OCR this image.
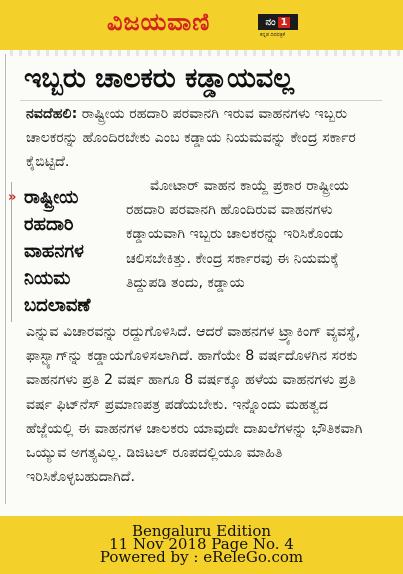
ವಿಜಯವಾಣಿ	ನಂ 1
ಕನ್ನಡ ದಿನಪತ್ರಿಕೆ
ಇಬ್ಬರು ಚಾಲಕರು ಕಡ್ಡಾಯವಲ್ಲ
ನವದೆಹಲಿ: ರಾಷ್ಟ್ರೀಯ ರಹದಾರಿ ಪರವಾನಗಿ ಇರುವ ವಾಹನಗಳು ಇಬ್ಬರು ಚಾಲಕರನ್ನು ಹೊಂದಿರಬೇಕು ಎಂಬ ಕಡ್ಡಾಯ ನಿಯಮವನ್ನು ಕೇಂದ್ರ ಸರ್ಕಾರ ಕೈಬಿಟ್ಟಿದೆ.
» ರಾಷ್ಟ್ರೀಯ ರಹದಾರಿ ವಾಹನಗಳ ನಿಯಮ ಬದಲಾವಣೆ
ಮೋಟಾರ್ ವಾಹನ ಕಾಯ್ದೆ ಪ್ರಕಾರ ರಾಷ್ಟ್ರೀಯ ರಹದಾರಿ ಪರವಾನಗಿ ಹೊಂದಿರುವ ವಾಹನಗಳು ಕಡ್ಡಾಯವಾಗಿ ಇಬ್ಬರು ಚಾಲಕರನ್ನು ಇರಿಸಿಕೊಂಡು ಚಲಿಸಬೇಕಿತ್ತು. ಕೇಂದ್ರ ಸರ್ಕಾರವು ಈ ನಿಯಮಕ್ಕೆ ತಿದ್ದುಪಡಿ ತಂದು, ಕಡ್ಡಾಯ
ಎನ್ನುವ ವಿಚಾರವನ್ನು ರದ್ದುಗೊಳಿಸಿದೆ. ಆದರೆ ವಾಹನಗಳ ಟ್ರ್ಯಾಕಿಂಗ್ ವ್ಯವಸ್ಥೆ, ಫಾಸ್ಟ್ಯಾಗ್‌ನ್ನು ಕಡ್ಡಾಯಗೊಳಿಸಲಾಗಿದೆ. ಹಾಗೆಯೇ 8 ವರ್ಷದೊಳಗಿನ ಸರಕು ವಾಹನಗಳು ಪ್ರತಿ 2 ವರ್ಷ ಹಾಗೂ 8 ವರ್ಷಕ್ಕೂ ಹಳೆಯ ವಾಹನಗಳು ಪ್ರತಿ ವರ್ಷ ಫಿಟ್‌ನೆಸ್ ಪ್ರಮಾಣಪತ್ರ ಪಡೆಯಬೇಕು. ಇನ್ನೊಂದು ಮಹತ್ವದ ಹೆಜ್ಜೆಯಲ್ಲಿ ಈ ವಾಹನಗಳ ಚಾಲಕರು ಯಾವುದೇ ದಾಖಲೆಗಳನ್ನು ಭೌತಿಕವಾಗಿ ಒಯ್ಯುವ ಅಗತ್ಯವಿಲ್ಲ. ಡಿಜಿಟಲ್ ರೂಪದಲ್ಲಿಯೂ ಮಾಹಿತಿ ಇರಿಸಿಕೊಳ್ಳಬಹುದಾಗಿದೆ.
Bengaluru Edition
11 Nov 2018 Page No. 4
Powered by : eReleGo.com
